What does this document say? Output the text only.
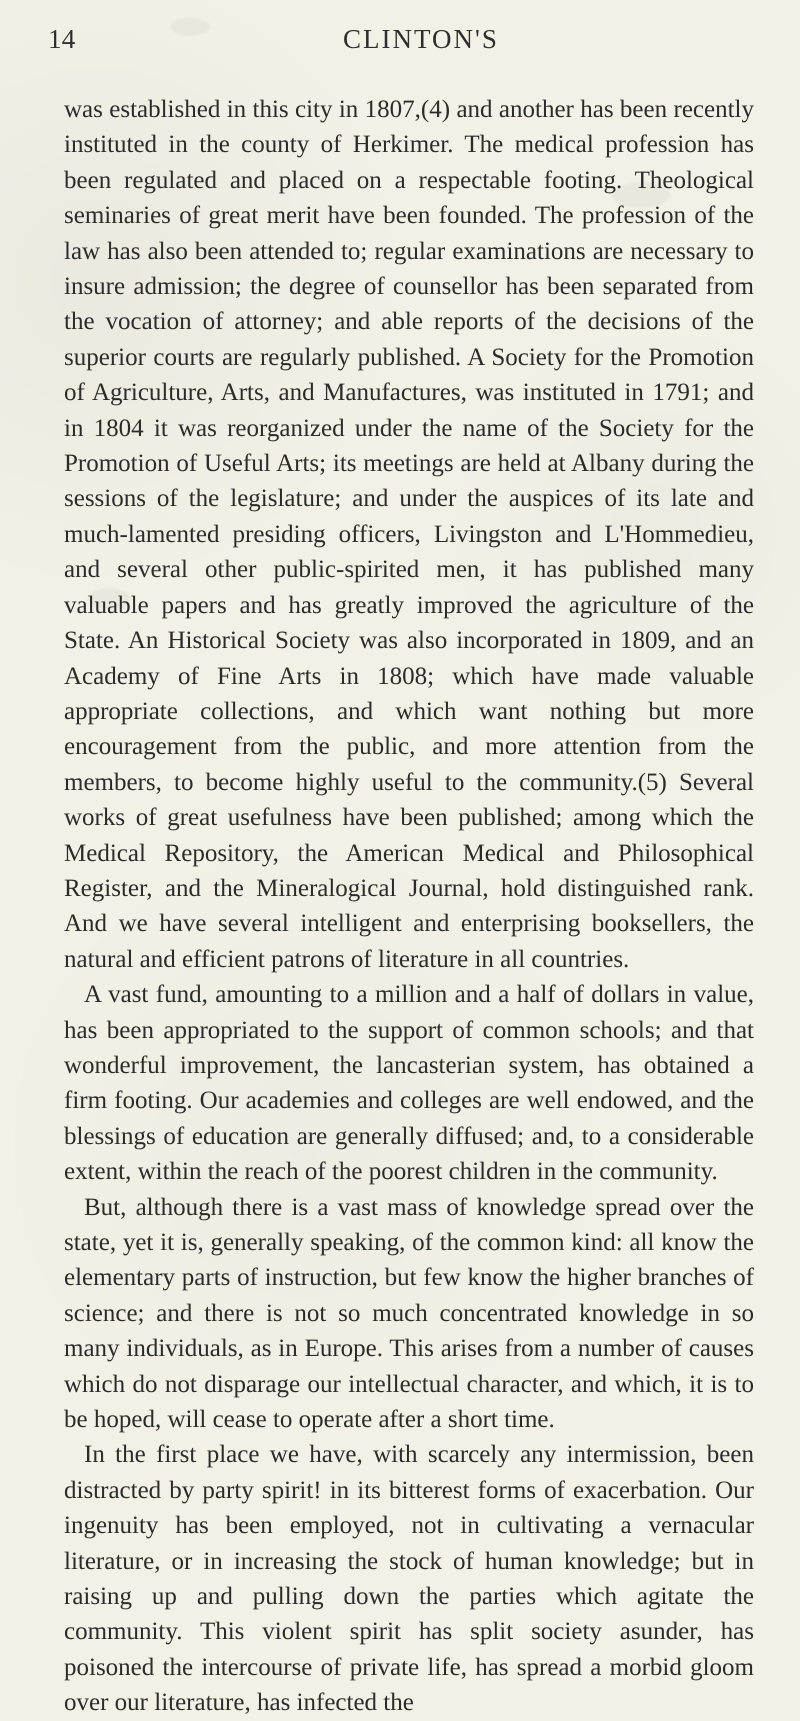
14	CLINTON'S

was established in this city in 1807,(4) and another has been recently instituted in the county of Herkimer. The medical profession has been regulated and placed on a respectable footing. Theological seminaries of great merit have been founded. The profession of the law has also been attended to; regular examinations are necessary to insure admission; the degree of counsellor has been separated from the vocation of attorney; and able reports of the decisions of the superior courts are regularly published. A Society for the Promotion of Agriculture, Arts, and Manufactures, was instituted in 1791; and in 1804 it was reorganized under the name of the Society for the Promotion of Useful Arts; its meetings are held at Albany during the sessions of the legislature; and under the auspices of its late and much-lamented presiding officers, Livingston and L'Hommedieu, and several other public-spirited men, it has published many valuable papers and has greatly improved the agriculture of the State. An Historical Society was also incorporated in 1809, and an Academy of Fine Arts in 1808; which have made valuable appropriate collections, and which want nothing but more encouragement from the public, and more attention from the members, to become highly useful to the community.(5) Several works of great usefulness have been published; among which the Medical Repository, the American Medical and Philosophical Register, and the Mineralogical Journal, hold distinguished rank. And we have several intelligent and enterprising booksellers, the natural and efficient patrons of literature in all countries.

A vast fund, amounting to a million and a half of dollars in value, has been appropriated to the support of common schools; and that wonderful improvement, the lancasterian system, has obtained a firm footing. Our academies and colleges are well endowed, and the blessings of education are generally diffused; and, to a considerable extent, within the reach of the poorest children in the community.

But, although there is a vast mass of knowledge spread over the state, yet it is, generally speaking, of the common kind: all know the elementary parts of instruction, but few know the higher branches of science; and there is not so much concentrated knowledge in so many individuals, as in Europe. This arises from a number of causes which do not disparage our intellectual character, and which, it is to be hoped, will cease to operate after a short time.

In the first place we have, with scarcely any intermission, been distracted by party spirit! in its bitterest forms of exacerbation. Our ingenuity has been employed, not in cultivating a vernacular literature, or in increasing the stock of human knowledge; but in raising up and pulling down the parties which agitate the community. This violent spirit has split society asunder, has poisoned the intercourse of private life, has spread a morbid gloom over our literature, has infected the
